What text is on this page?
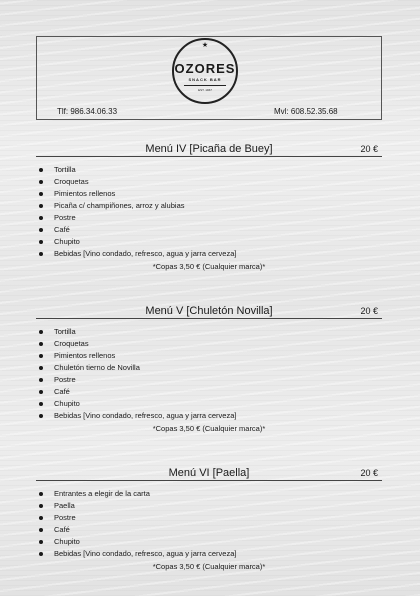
★
OZORES
SNACK BAR
EST. 1967
Tlf: 986.34.06.33	Mvl: 608.52.35.68
Menú IV [Picaña de Buey]	20 €
Tortilla
Croquetas
Pimientos rellenos
Picaña c/ champiñones, arroz y alubias
Postre
Café
Chupito
Bebidas [Vino condado, refresco, agua y jarra cerveza]
*Copas 3,50 € (Cualquier marca)*
Menú V [Chuletón Novilla]	20 €
Tortilla
Croquetas
Pimientos rellenos
Chuletón tierno de Novilla
Postre
Café
Chupito
Bebidas [Vino condado, refresco, agua y jarra cerveza]
*Copas 3,50 € (Cualquier marca)*
Menú VI [Paella]	20 €
Entrantes a elegir de la carta
Paella
Postre
Café
Chupito
Bebidas [Vino condado, refresco, agua y jarra cerveza]
*Copas 3,50 € (Cualquier marca)*
